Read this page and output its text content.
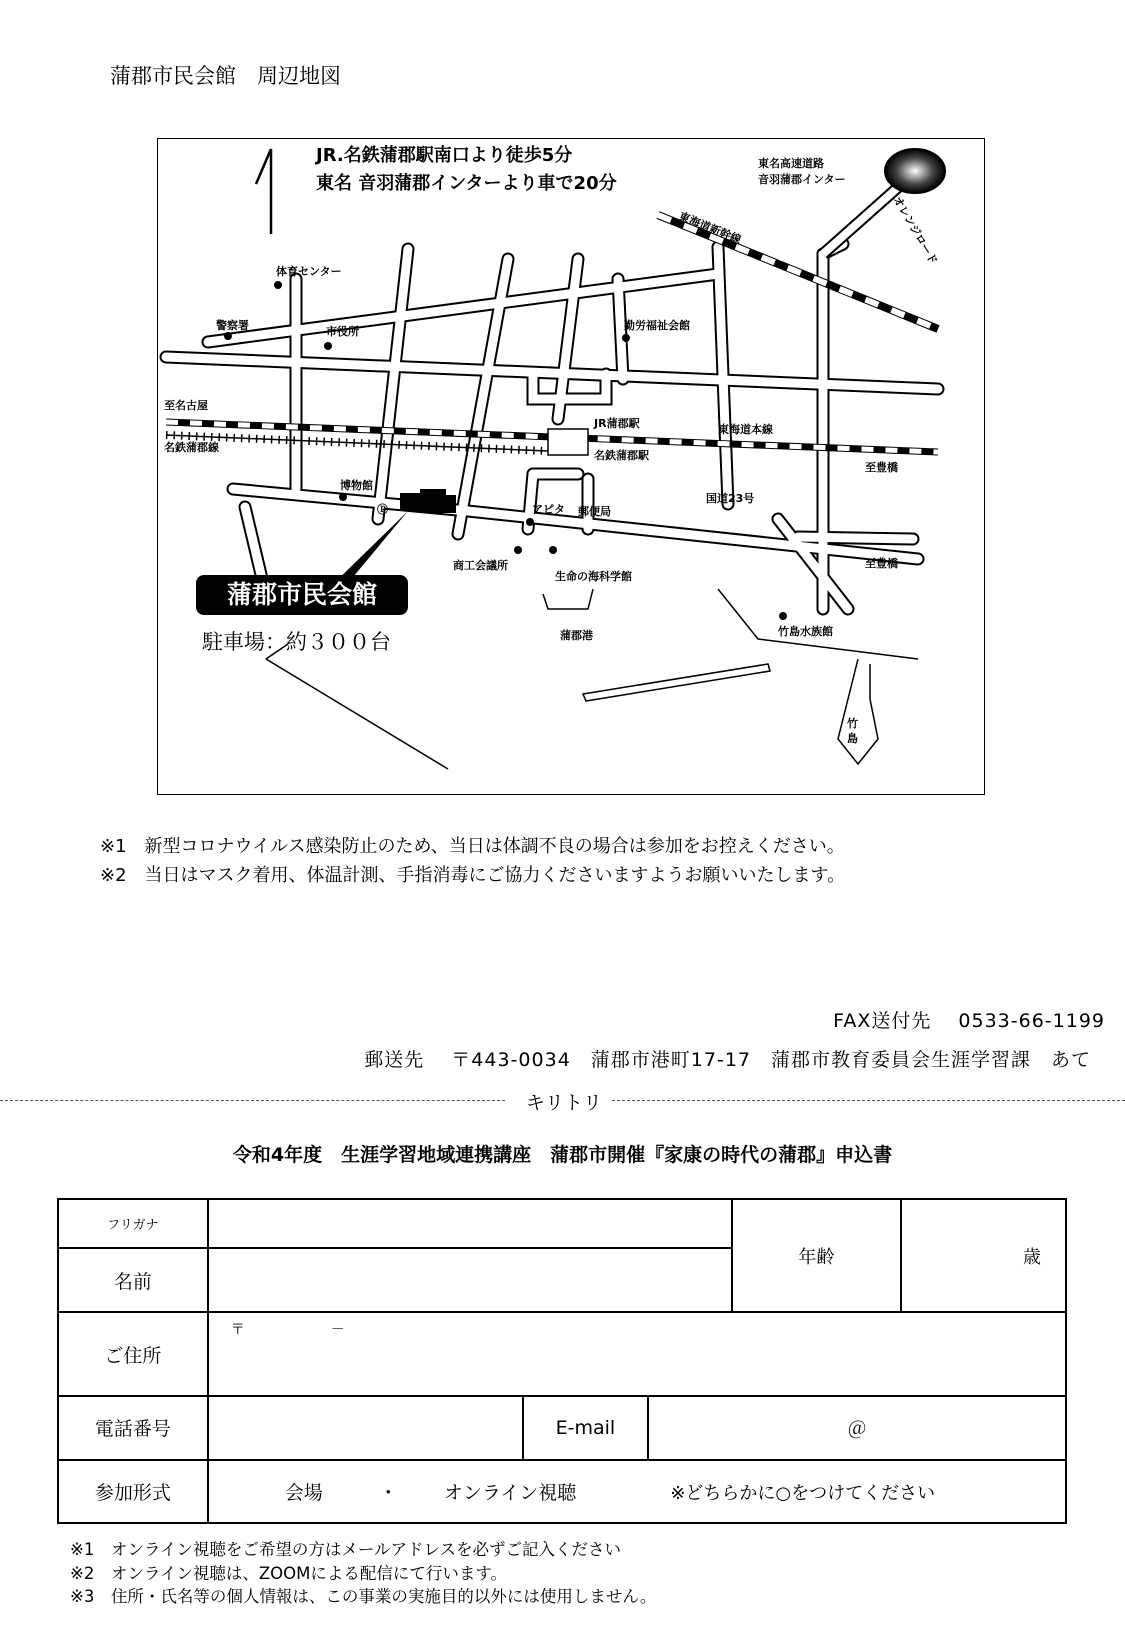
蒲郡市民会館　周辺地図
蒲郡市民会館
駐車場：約３００台
JR.名鉄蒲郡駅南口より徒歩5分
東名 音羽蒲郡インターより車で20分
東名高速道路
音羽蒲郡インター
オレンジロード
東海道新幹線
体育センター
警察署	市役所	勤労福祉会館
至名古屋
名鉄蒲郡線
JR蒲郡駅	東海道本線
名鉄蒲郡駅
至豊橋
博物館
Ⓟ
国道23号
アピタ 郵便局
商工会議所
生命の海科学館
至豊橋
蒲郡港	竹島水族館
竹
島
※1　新型コロナウイルス感染防止のため、当日は体調不良の場合は参加をお控えください。
※2　当日はマスク着用、体温計測、手指消毒にご協力くださいますようお願いいたします。
FAX送付先　 0533-66-1199
郵送先　 〒443-0034　蒲郡市港町17-17　蒲郡市教育委員会生涯学習課　あて
キリトリ
令和4年度　生涯学習地域連携講座　蒲郡市開催『家康の時代の蒲郡』申込書
フリガナ				年齢	歳
名前					
ご住所	〒 －				
電話番号		E-mail	＠		
参加形式	会場 ・ オンライン視聴 ※どちらかに○をつけてください				
※1　オンライン視聴をご希望の方はメールアドレスを必ずご記入ください
※2　オンライン視聴は、ZOOMによる配信にて行います。
※3　住所・氏名等の個人情報は、この事業の実施目的以外には使用しません。
